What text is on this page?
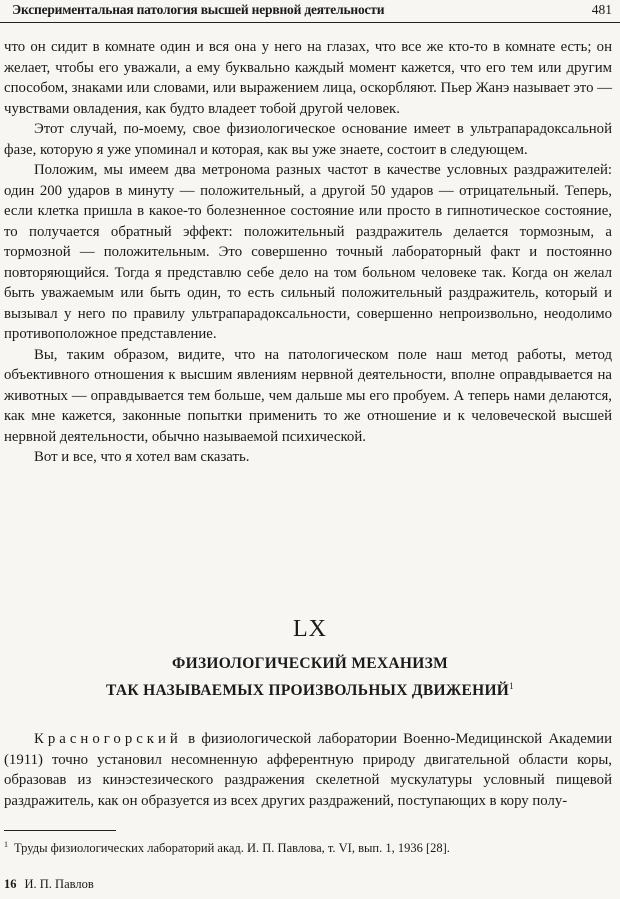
Экспериментальная патология высшей нервной деятельности	481

что он сидит в комнате один и вся она у него на глазах, что все же кто-то в комнате есть; он желает, чтобы его уважали, а ему буквально каждый момент кажется, что его тем или другим способом, знаками или словами, или выражением лица, оскорбляют. Пьер Жанэ называет это — чувствами овладения, как будто владеет тобой другой человек.

Этот случай, по-моему, свое физиологическое основание имеет в ультрапарадоксальной фазе, которую я уже упоминал и которая, как вы уже знаете, состоит в следующем.

Положим, мы имеем два метронома разных частот в качестве условных раздражителей: один 200 ударов в минуту — положительный, а другой 50 ударов — отрицательный. Теперь, если клетка пришла в какое-то болезненное состояние или просто в гипнотическое состояние, то получается обратный эффект: положительный раздражитель делается тормозным, а тормозной — положительным. Это совершенно точный лабораторный факт и постоянно повторяющийся. Тогда я представлю себе дело на том больном человеке так. Когда он желал быть уважаемым или быть один, то есть сильный положительный раздражитель, который и вызывал у него по правилу ультрапарадоксальности, совершенно непроизвольно, неодолимо противоположное представление.

Вы, таким образом, видите, что на патологическом поле наш метод работы, метод объективного отношения к высшим явлениям нервной деятельности, вполне оправдывается на животных — оправдывается тем больше, чем дальше мы его пробуем. А теперь нами делаются, как мне кажется, законные попытки применить то же отношение и к человеческой высшей нервной деятельности, обычно называемой психической.

Вот и все, что я хотел вам сказать.

LX
ФИЗИОЛОГИЧЕСКИЙ МЕХАНИЗМ
ТАК НАЗЫВАЕМЫХ ПРОИЗВОЛЬНЫХ ДВИЖЕНИЙ$^1$

Красногорский в физиологической лаборатории Военно-Медицинской Академии (1911) точно установил несомненную афферентную природу двигательной области коры, образовав из кинэстезического раздражения скелетной мускулатуры условный пищевой раздражитель, как он образуется из всех других раздражений, поступающих в кору полу-

$^1$ Труды физиологических лабораторий акад. И. П. Павлова, т. VI, вып. 1, 1936 [28].
16 И. П. Павлов
